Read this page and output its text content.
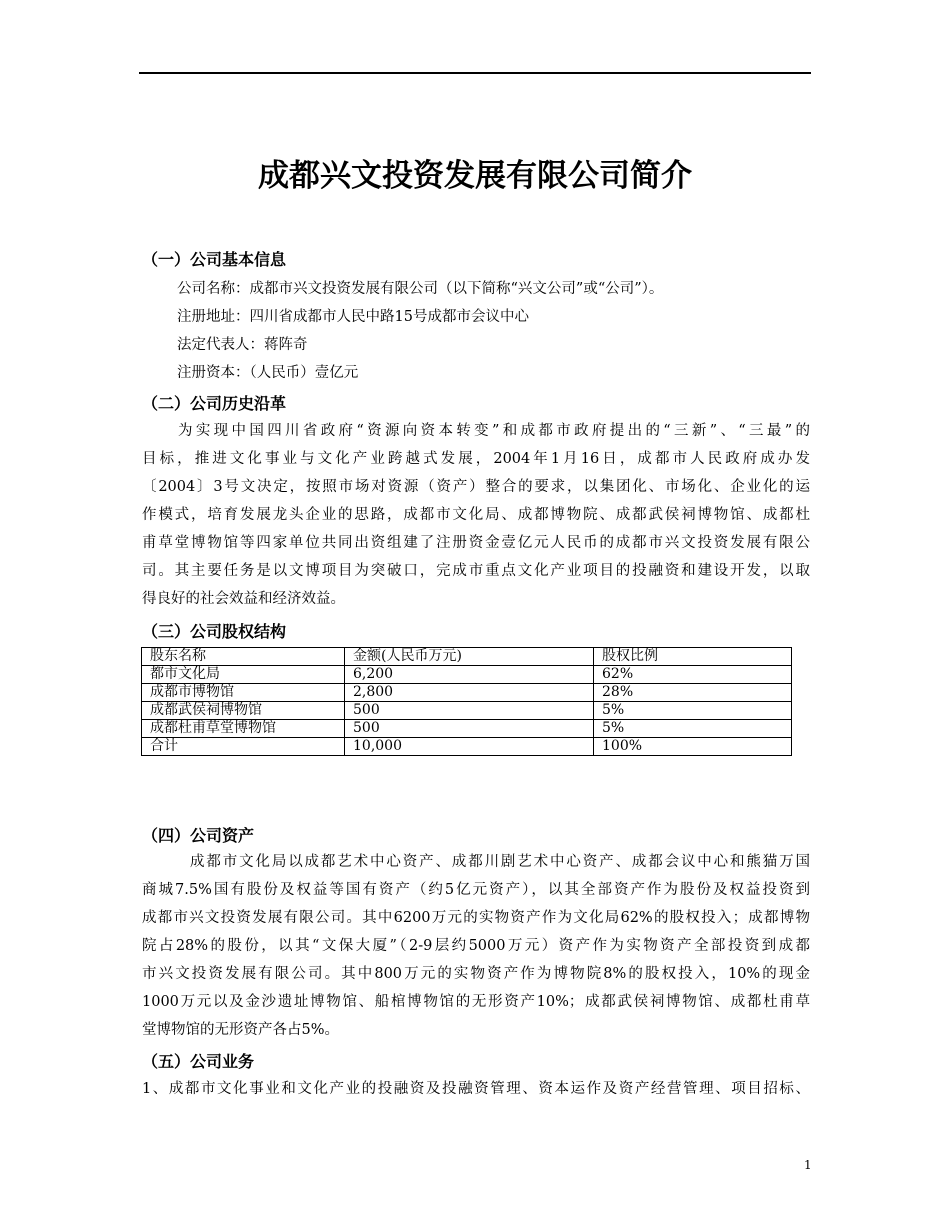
成都兴文投资发展有限公司简介
（一）公司基本信息
公司名称：成都市兴文投资发展有限公司（以下简称“兴文公司”或“公司”）。
注册地址：四川省成都市人民中路15号成都市会议中心
法定代表人：蒋阵奇
注册资本：（人民币）壹亿元
（二）公司历史沿革
为实现中国四川省政府“资源向资本转变”和成都市政府提出的“三新”、“三最”的
目标，推进文化事业与文化产业跨越式发展，2004年1月16日，成都市人民政府成办发
〔2004〕3号文决定，按照市场对资源（资产）整合的要求，以集团化、市场化、企业化的运
作模式，培育发展龙头企业的思路，成都市文化局、成都博物院、成都武侯祠博物馆、成都杜
甫草堂博物馆等四家单位共同出资组建了注册资金壹亿元人民币的成都市兴文投资发展有限公
司。其主要任务是以文博项目为突破口，完成市重点文化产业项目的投融资和建设开发，以取
得良好的社会效益和经济效益。
（三）公司股权结构
股东名称	金额(人民币万元)	股权比例
都市文化局	6,200	62%
成都市博物馆	2,800	28%
成都武侯祠博物馆	500	5%
成都杜甫草堂博物馆	500	5%
合计	10,000	100%
（四）公司资产
成都市文化局以成都艺术中心资产、成都川剧艺术中心资产、成都会议中心和熊猫万国
商城7.5%国有股份及权益等国有资产（约5亿元资产），以其全部资产作为股份及权益投资到
成都市兴文投资发展有限公司。其中6200万元的实物资产作为文化局62%的股权投入；成都博物
院占28%的股份，以其“文保大厦”（2-9层约5000万元）资产作为实物资产全部投资到成都
市兴文投资发展有限公司。其中800万元的实物资产作为博物院8%的股权投入，10%的现金
1000万元以及金沙遗址博物馆、船棺博物馆的无形资产10%；成都武侯祠博物馆、成都杜甫草
堂博物馆的无形资产各占5%。
（五）公司业务
1、成都市文化事业和文化产业的投融资及投融资管理、资本运作及资产经营管理、项目招标、
1
